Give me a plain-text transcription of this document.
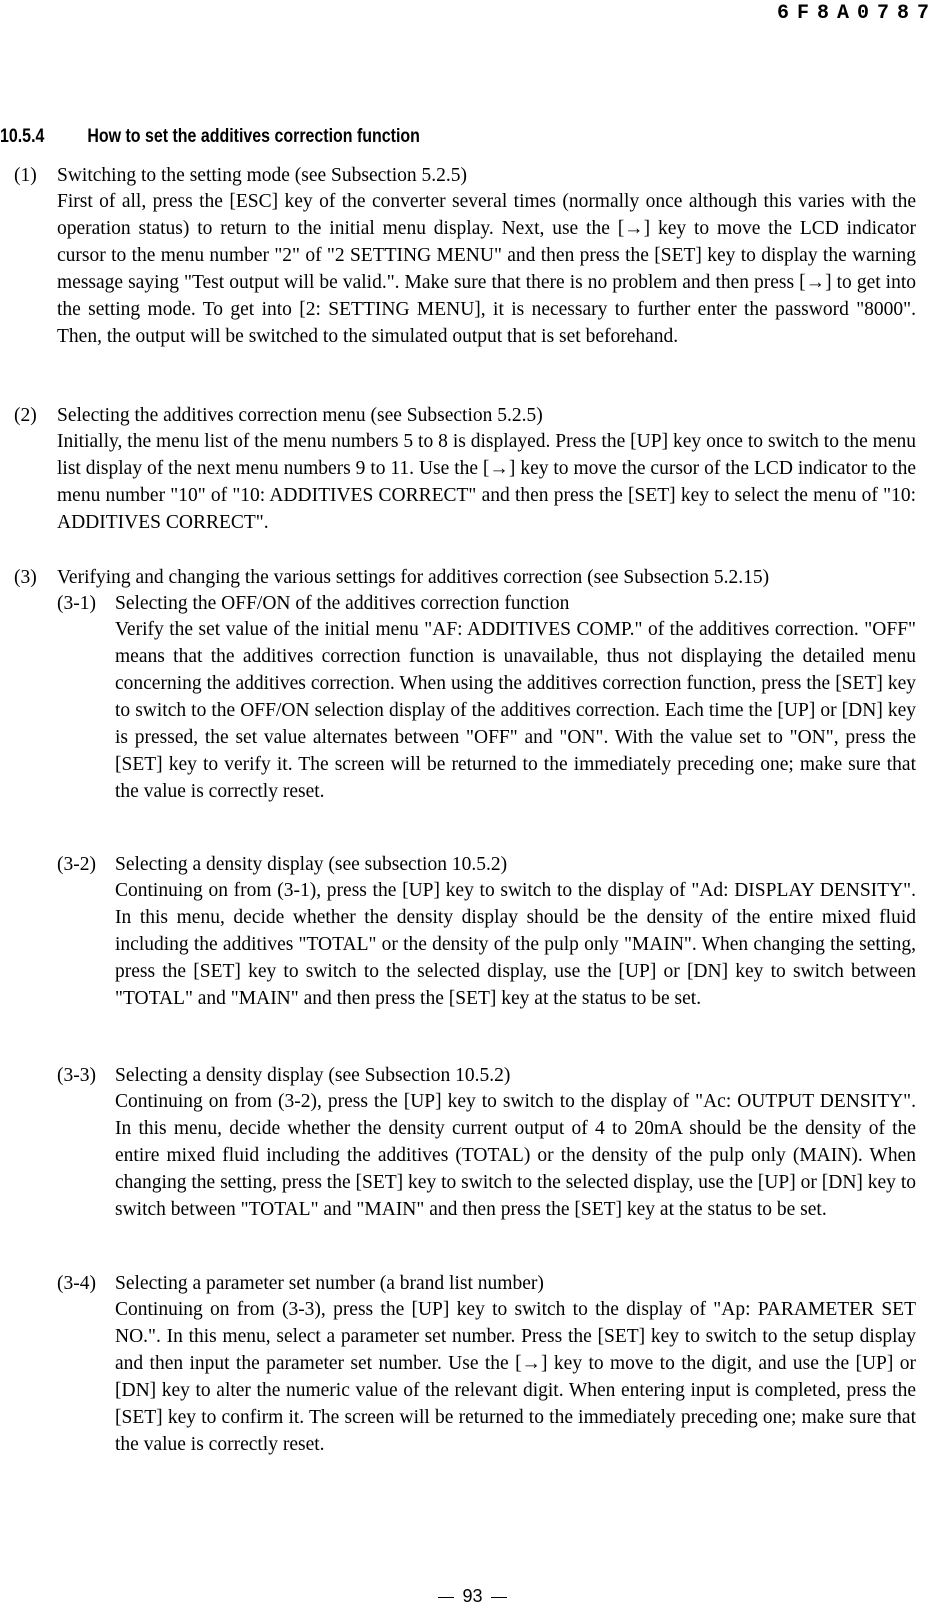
6F8A0787
10.5.4 How to set the additives correction function
(1) Switching to the setting mode (see Subsection 5.2.5)
First of all, press the [ESC] key of the converter several times (normally once although this varies with the operation status) to return to the initial menu display. Next, use the [→] key to move the LCD indicator cursor to the menu number "2" of "2 SETTING MENU" and then press the [SET] key to display the warning message saying "Test output will be valid.". Make sure that there is no problem and then press [→] to get into the setting mode. To get into [2: SETTING MENU], it is necessary to further enter the password "8000". Then, the output will be switched to the simulated output that is set beforehand.
(2) Selecting the additives correction menu (see Subsection 5.2.5)
Initially, the menu list of the menu numbers 5 to 8 is displayed. Press the [UP] key once to switch to the menu list display of the next menu numbers 9 to 11. Use the [→] key to move the cursor of the LCD indicator to the menu number "10" of "10: ADDITIVES CORRECT" and then press the [SET] key to select the menu of "10: ADDITIVES CORRECT".
(3) Verifying and changing the various settings for additives correction (see Subsection 5.2.15)
(3-1) Selecting the OFF/ON of the additives correction function
Verify the set value of the initial menu "AF: ADDITIVES COMP." of the additives correction. "OFF" means that the additives correction function is unavailable, thus not displaying the detailed menu concerning the additives correction. When using the additives correction function, press the [SET] key to switch to the OFF/ON selection display of the additives correction. Each time the [UP] or [DN] key is pressed, the set value alternates between "OFF" and "ON". With the value set to "ON", press the [SET] key to verify it. The screen will be returned to the immediately preceding one; make sure that the value is correctly reset.
(3-2) Selecting a density display (see subsection 10.5.2)
Continuing on from (3-1), press the [UP] key to switch to the display of "Ad: DISPLAY DENSITY". In this menu, decide whether the density display should be the density of the entire mixed fluid including the additives "TOTAL" or the density of the pulp only "MAIN". When changing the setting, press the [SET] key to switch to the selected display, use the [UP] or [DN] key to switch between "TOTAL" and "MAIN" and then press the [SET] key at the status to be set.
(3-3) Selecting a density display (see Subsection 10.5.2)
Continuing on from (3-2), press the [UP] key to switch to the display of "Ac: OUTPUT DENSITY". In this menu, decide whether the density current output of 4 to 20mA should be the density of the entire mixed fluid including the additives (TOTAL) or the density of the pulp only (MAIN). When changing the setting, press the [SET] key to switch to the selected display, use the [UP] or [DN] key to switch between "TOTAL" and "MAIN" and then press the [SET] key at the status to be set.
(3-4) Selecting a parameter set number (a brand list number)
Continuing on from (3-3), press the [UP] key to switch to the display of "Ap: PARAMETER SET NO.". In this menu, select a parameter set number. Press the [SET] key to switch to the setup display and then input the parameter set number. Use the [→] key to move to the digit, and use the [UP] or [DN] key to alter the numeric value of the relevant digit. When entering input is completed, press the [SET] key to confirm it. The screen will be returned to the immediately preceding one; make sure that the value is correctly reset.
93
